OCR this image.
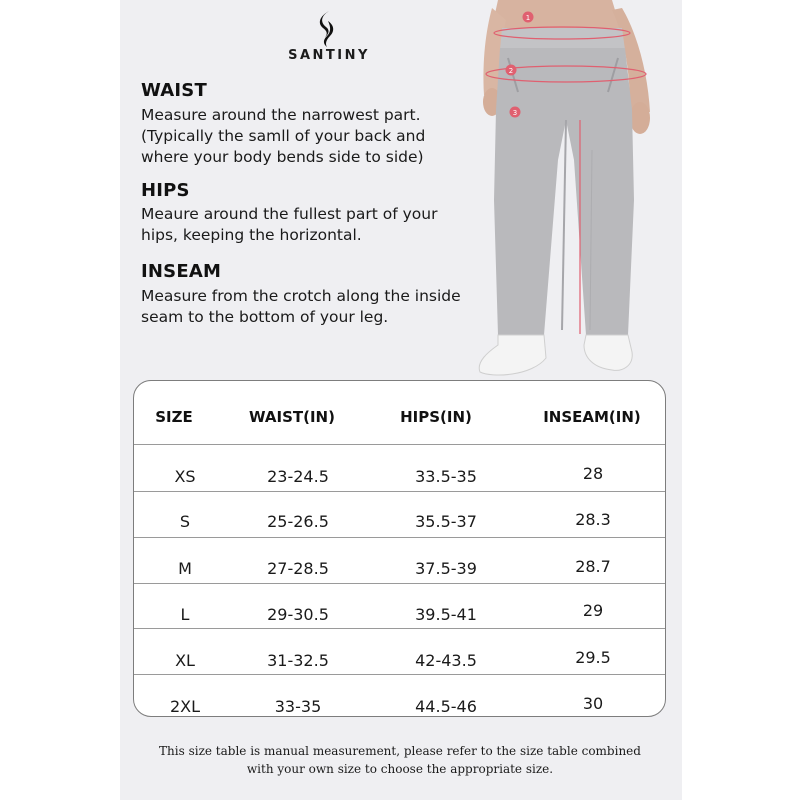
SANTINY
WAIST
Measure around the narrowest part.
(Typically the samll of your back and
where your body bends side to side)
HIPS
Meaure around the fullest part of your
hips, keeping the horizontal.
INSEAM
Measure from the crotch along the inside
seam to the bottom of your leg.
1
2
3
SIZE	WAIST(IN)	HIPS(IN)	INSEAM(IN)
XS	23-24.5	33.5-35	28
S	25-26.5	35.5-37	28.3
M	27-28.5	37.5-39	28.7
L	29-30.5	39.5-41	29
XL	31-32.5	42-43.5	29.5
2XL	33-35	44.5-46	30
This size table is manual measurement, please refer to the size table combined
with your own size to choose the appropriate size.
